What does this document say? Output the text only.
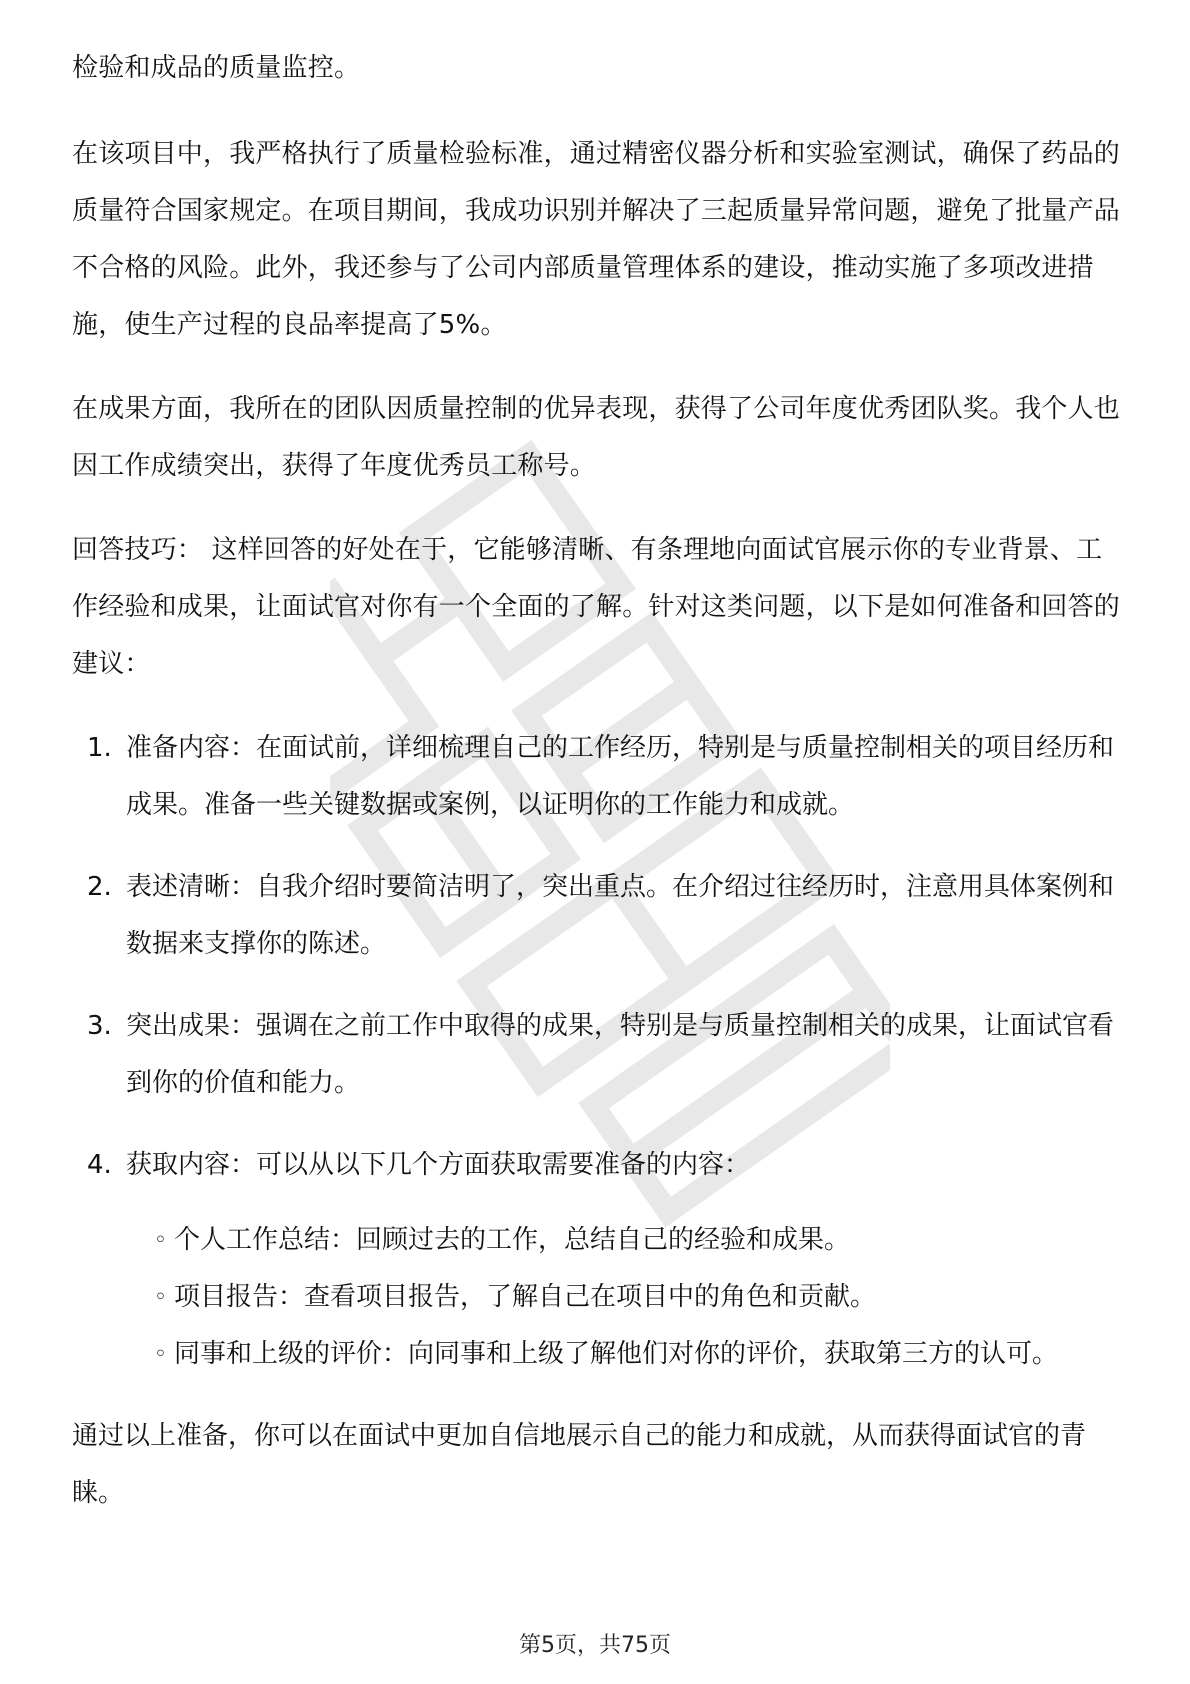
检验和成品的质量监控。

在该项目中，我严格执行了质量检验标准，通过精密仪器分析和实验室测试，确保了药品的质量符合国家规定。在项目期间，我成功识别并解决了三起质量异常问题，避免了批量产品不合格的风险。此外，我还参与了公司内部质量管理体系的建设，推动实施了多项改进措施，使生产过程的良品率提高了5%。

在成果方面，我所在的团队因质量控制的优异表现，获得了公司年度优秀团队奖。我个人也因工作成绩突出，获得了年度优秀员工称号。

回答技巧： 这样回答的好处在于，它能够清晰、有条理地向面试官展示你的专业背景、工作经验和成果，让面试官对你有一个全面的了解。针对这类问题，以下是如何准备和回答的建议：

1. 准备内容：在面试前，详细梳理自己的工作经历，特别是与质量控制相关的项目经历和成果。准备一些关键数据或案例，以证明你的工作能力和成就。
2. 表述清晰：自我介绍时要简洁明了，突出重点。在介绍过往经历时，注意用具体案例和数据来支撑你的陈述。
3. 突出成果：强调在之前工作中取得的成果，特别是与质量控制相关的成果，让面试官看到你的价值和能力。
4. 获取内容：可以从以下几个方面获取需要准备的内容：
◦ 个人工作总结：回顾过去的工作，总结自己的经验和成果。
◦ 项目报告：查看项目报告，了解自己在项目中的角色和贡献。
◦ 同事和上级的评价：向同事和上级了解他们对你的评价，获取第三方的认可。

通过以上准备，你可以在面试中更加自信地展示自己的能力和成就，从而获得面试官的青睐。

第5页，共75页
